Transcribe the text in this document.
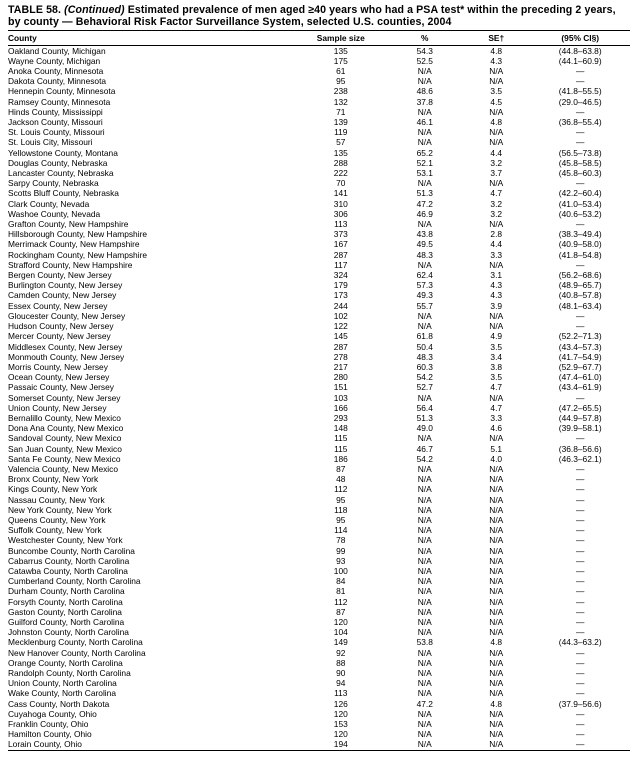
TABLE 58. (Continued) Estimated prevalence of men aged ≥40 years who had a PSA test* within the preceding 2 years, by county — Behavioral Risk Factor Surveillance System, selected U.S. counties, 2004
County	Sample size	%	SE†	(95% CI§)
Oakland County, Michigan	135	54.3	4.8	(44.8–63.8)
Wayne County, Michigan	175	52.5	4.3	(44.1–60.9)
Anoka County, Minnesota	61	N/A	N/A	—
Dakota County, Minnesota	95	N/A	N/A	—
Hennepin County, Minnesota	238	48.6	3.5	(41.8–55.5)
Ramsey County, Minnesota	132	37.8	4.5	(29.0–46.5)
Hinds County, Mississippi	71	N/A	N/A	—
Jackson County, Missouri	139	46.1	4.8	(36.8–55.4)
St. Louis County, Missouri	119	N/A	N/A	—
St. Louis City, Missouri	57	N/A	N/A	—
Yellowstone County, Montana	135	65.2	4.4	(56.5–73.8)
Douglas County, Nebraska	288	52.1	3.2	(45.8–58.5)
Lancaster County, Nebraska	222	53.1	3.7	(45.8–60.3)
Sarpy County, Nebraska	70	N/A	N/A	—
Scotts Bluff County, Nebraska	141	51.3	4.7	(42.2–60.4)
Clark County, Nevada	310	47.2	3.2	(41.0–53.4)
Washoe County, Nevada	306	46.9	3.2	(40.6–53.2)
Grafton County, New Hampshire	113	N/A	N/A	—
Hillsborough County, New Hampshire	373	43.8	2.8	(38.3–49.4)
Merrimack County, New Hampshire	167	49.5	4.4	(40.9–58.0)
Rockingham County, New Hampshire	287	48.3	3.3	(41.8–54.8)
Strafford County, New Hampshire	117	N/A	N/A	—
Bergen County, New Jersey	324	62.4	3.1	(56.2–68.6)
Burlington County, New Jersey	179	57.3	4.3	(48.9–65.7)
Camden County, New Jersey	173	49.3	4.3	(40.8–57.8)
Essex County, New Jersey	244	55.7	3.9	(48.1–63.4)
Gloucester County, New Jersey	102	N/A	N/A	—
Hudson County, New Jersey	122	N/A	N/A	—
Mercer County, New Jersey	145	61.8	4.9	(52.2–71.3)
Middlesex County, New Jersey	287	50.4	3.5	(43.4–57.3)
Monmouth County, New Jersey	278	48.3	3.4	(41.7–54.9)
Morris County, New Jersey	217	60.3	3.8	(52.9–67.7)
Ocean County, New Jersey	280	54.2	3.5	(47.4–61.0)
Passaic County, New Jersey	151	52.7	4.7	(43.4–61.9)
Somerset County, New Jersey	103	N/A	N/A	—
Union County, New Jersey	166	56.4	4.7	(47.2–65.5)
Bernalillo County, New Mexico	293	51.3	3.3	(44.9–57.8)
Dona Ana County, New Mexico	148	49.0	4.6	(39.9–58.1)
Sandoval County, New Mexico	115	N/A	N/A	—
San Juan County, New Mexico	115	46.7	5.1	(36.8–56.6)
Santa Fe County, New Mexico	186	54.2	4.0	(46.3–62.1)
Valencia County, New Mexico	87	N/A	N/A	—
Bronx County, New York	48	N/A	N/A	—
Kings County, New York	112	N/A	N/A	—
Nassau County, New York	95	N/A	N/A	—
New York County, New York	118	N/A	N/A	—
Queens County, New York	95	N/A	N/A	—
Suffolk County, New York	114	N/A	N/A	—
Westchester County, New York	78	N/A	N/A	—
Buncombe County, North Carolina	99	N/A	N/A	—
Cabarrus County, North Carolina	93	N/A	N/A	—
Catawba County, North Carolina	100	N/A	N/A	—
Cumberland County, North Carolina	84	N/A	N/A	—
Durham County, North Carolina	81	N/A	N/A	—
Forsyth County, North Carolina	112	N/A	N/A	—
Gaston County, North Carolina	87	N/A	N/A	—
Guilford County, North Carolina	120	N/A	N/A	—
Johnston County, North Carolina	104	N/A	N/A	—
Mecklenburg County, North Carolina	149	53.8	4.8	(44.3–63.2)
New Hanover County, North Carolina	92	N/A	N/A	—
Orange County, North Carolina	88	N/A	N/A	—
Randolph County, North Carolina	90	N/A	N/A	—
Union County, North Carolina	94	N/A	N/A	—
Wake County, North Carolina	113	N/A	N/A	—
Cass County, North Dakota	126	47.2	4.8	(37.9–56.6)
Cuyahoga County, Ohio	120	N/A	N/A	—
Franklin County, Ohio	153	N/A	N/A	—
Hamilton County, Ohio	120	N/A	N/A	—
Lorain County, Ohio	194	N/A	N/A	—
